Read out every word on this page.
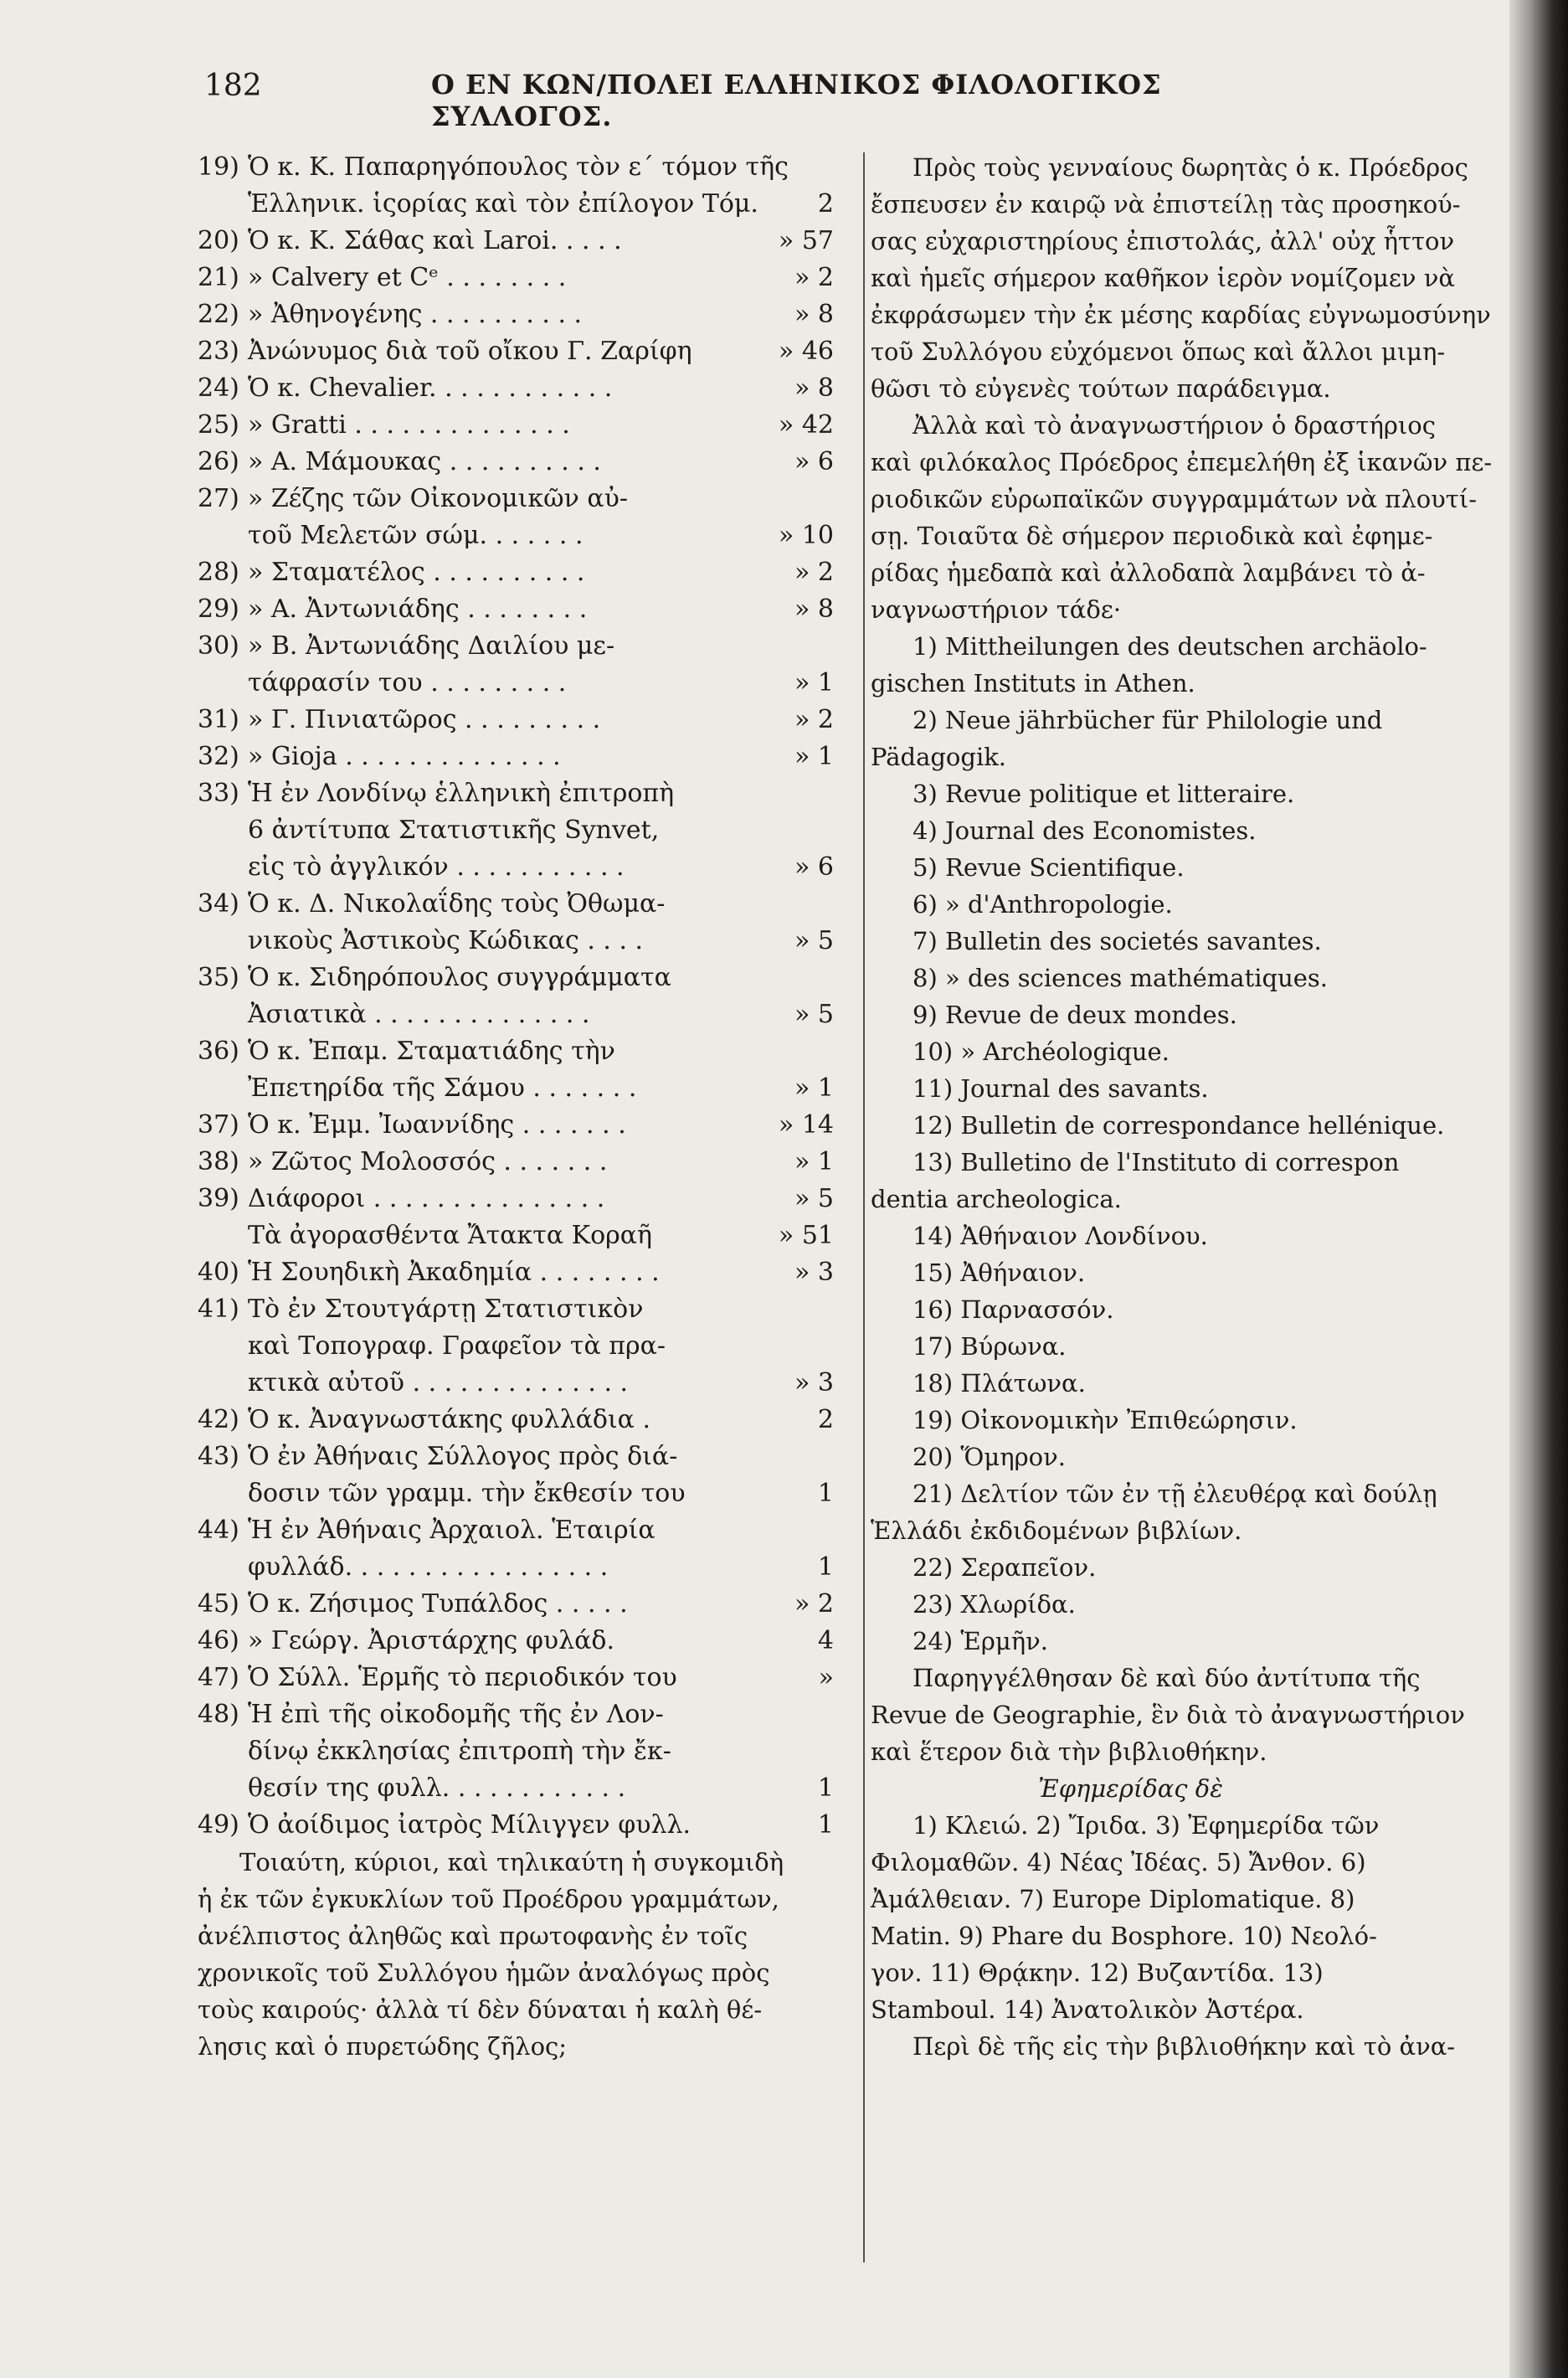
182	Ο ΕΝ ΚΩΝ/ΠΟΛΕΙ ΕΛΛΗΝΙΚΟΣ ΦΙΛΟΛΟΓΙΚΟΣ ΣΥΛΛΟΓΟΣ.
19) Ὁ κ. Κ. Παπαρηγόπουλος τὸν ε΄ τόμον τῆς
Ἑλληνικ. ἱςορίας καὶ τὸν ἐπίλογον Τόμ.	2
20) Ὁ κ. Κ. Σάθας καὶ Laroi. . . . .	» 57
21) » Calvery et Cᵉ . . . . . . . .	» 2
22) » Ἀθηνογένης . . . . . . . . . .	» 8
23) Ἀνώνυμος διὰ τοῦ οἴκου Γ. Ζαρίφη	» 46
24) Ὁ κ. Chevalier. . . . . . . . . . . .	» 8
25) » Gratti . . . . . . . . . . . . . .	» 42
26) » Α. Μάμουκας . . . . . . . . . .	» 6
27) » Ζέζης τῶν Οἰκονομικῶν αὐ-
τοῦ Μελετῶν σώμ. . . . . . .	» 10
28) » Σταματέλος . . . . . . . . . .	» 2
29) » Α. Ἀντωνιάδης . . . . . . . .	» 8
30) » Β. Ἀντωνιάδης Δαιλίου με-
τάφρασίν του . . . . . . . . .	» 1
31) » Γ. Πινιατῶρος . . . . . . . . .	» 2
32) » Gioja . . . . . . . . . . . . . .	» 1
33) Ἡ ἐν Λονδίνῳ ἑλληνικὴ ἐπιτροπὴ
6 ἀντίτυπα Στατιστικῆς Synvet,
εἰς τὸ ἀγγλικόν . . . . . . . . . . .	» 6
34) Ὁ κ. Δ. Νικολαΐδης τοὺς Ὀθωμα-
νικοὺς Ἀστικοὺς Κώδικας . . . .	» 5
35) Ὁ κ. Σιδηρόπουλος συγγράμματα
Ἀσιατικὰ . . . . . . . . . . . . . .	» 5
36) Ὁ κ. Ἐπαμ. Σταματιάδης τὴν
Ἐπετηρίδα τῆς Σάμου . . . . . . .	» 1
37) Ὁ κ. Ἐμμ. Ἰωαννίδης . . . . . . .	» 14
38) » Ζῶτος Μολοσσός . . . . . . .	» 1
39) Διάφοροι . . . . . . . . . . . . . . .	» 5
Τὰ ἀγορασθέντα Ἄτακτα Κοραῆ	» 51
40) Ἡ Σουηδικὴ Ἀκαδημία . . . . . . . .	» 3
41) Τὸ ἐν Στουτγάρτῃ Στατιστικὸν
καὶ Τοπογραφ. Γραφεῖον τὰ πρα-
κτικὰ αὐτοῦ . . . . . . . . . . . . . .	» 3
42) Ὁ κ. Ἀναγνωστάκης φυλλάδια .	2
43) Ὁ ἐν Ἀθήναις Σύλλογος πρὸς διά-
δοσιν τῶν γραμμ. τὴν ἔκθεσίν του	1
44) Ἡ ἐν Ἀθήναις Ἀρχαιολ. Ἑταιρία
φυλλάδ. . . . . . . . . . . . . . . . .	1
45) Ὁ κ. Ζήσιμος Τυπάλδος . . . . .	» 2
46) » Γεώργ. Ἀριστάρχης φυλάδ.	4
47) Ὁ Σύλλ. Ἑρμῆς τὸ περιοδικόν του	»
48) Ἡ ἐπὶ τῆς οἰκοδομῆς τῆς ἐν Λον-
δίνῳ ἐκκλησίας ἐπιτροπὴ τὴν ἔκ-
θεσίν της φυλλ. . . . . . . . . . . .	1
49) Ὁ ἀοίδιμος ἰατρὸς Μίλιγγεν φυλλ.	1
Τοιαύτη, κύριοι, καὶ τηλικαύτη ἡ συγκομιδὴ
ἡ ἐκ τῶν ἐγκυκλίων τοῦ Προέδρου γραμμάτων,
ἀνέλπιστος ἀληθῶς καὶ πρωτοφανὴς ἐν τοῖς
χρονικοῖς τοῦ Συλλόγου ἡμῶν ἀναλόγως πρὸς
τοὺς καιρούς· ἀλλὰ τί δὲν δύναται ἡ καλὴ θέ-
λησις καὶ ὁ πυρετώδης ζῆλος;
Πρὸς τοὺς γενναίους δωρητὰς ὁ κ. Πρόεδρος
ἔσπευσεν ἐν καιρῷ νὰ ἐπιστείλῃ τὰς προσηκού-
σας εὐχαριστηρίους ἐπιστολάς, ἀλλ' οὐχ ἧττον
καὶ ἡμεῖς σήμερον καθῆκον ἱερὸν νομίζομεν νὰ
ἐκφράσωμεν τὴν ἐκ μέσης καρδίας εὐγνωμοσύνην
τοῦ Συλλόγου εὐχόμενοι ὅπως καὶ ἄλλοι μιμη-
θῶσι τὸ εὐγενὲς τούτων παράδειγμα.
Ἀλλὰ καὶ τὸ ἀναγνωστήριον ὁ δραστήριος
καὶ φιλόκαλος Πρόεδρος ἐπεμελήθη ἐξ ἱκανῶν πε-
ριοδικῶν εὐρωπαϊκῶν συγγραμμάτων νὰ πλουτί-
σῃ. Τοιαῦτα δὲ σήμερον περιοδικὰ καὶ ἐφημε-
ρίδας ἡμεδαπὰ καὶ ἀλλοδαπὰ λαμβάνει τὸ ἀ-
ναγνωστήριον τάδε·
1) Mittheilungen des deutschen archäolo-
gischen Instituts in Athen.
2) Neue jährbücher für Philologie und
Pädagogik.
3) Revue politique et litteraire.
4) Journal des Economistes.
5) Revue Scientifique.
6) » d'Anthropologie.
7) Bulletin des societés savantes.
8) » des sciences mathématiques.
9) Revue de deux mondes.
10) » Archéologique.
11) Journal des savants.
12) Bulletin de correspondance hellénique.
13) Bulletino de l'Instituto di correspon
dentia archeologica.
14) Ἀθήναιον Λονδίνου.
15) Ἀθήναιον.
16) Παρνασσόν.
17) Βύρωνα.
18) Πλάτωνα.
19) Οἰκονομικὴν Ἐπιθεώρησιν.
20) Ὅμηρον.
21) Δελτίον τῶν ἐν τῇ ἐλευθέρᾳ καὶ δούλῃ
Ἑλλάδι ἐκδιδομένων βιβλίων.
22) Σεραπεῖον.
23) Χλωρίδα.
24) Ἑρμῆν.
Παρηγγέλθησαν δὲ καὶ δύο ἀντίτυπα τῆς
Revue de Geographie, ἓν διὰ τὸ ἀναγνωστήριον
καὶ ἕτερον διὰ τὴν βιβλιοθήκην.
Ἐφημερίδας δὲ
1) Κλειώ. 2) Ἴριδα. 3) Ἐφημερίδα τῶν
Φιλομαθῶν. 4) Νέας Ἰδέας. 5) Ἄνθον. 6)
Ἀμάλθειαν. 7) Europe Diplomatique. 8)
Matin. 9) Phare du Bosphore. 10) Νεολό-
γον. 11) Θρᾴκην. 12) Βυζαντίδα. 13)
Stamboul. 14) Ἀνατολικὸν Ἀστέρα.
Περὶ δὲ τῆς εἰς τὴν βιβλιοθήκην καὶ τὸ ἀνα-
